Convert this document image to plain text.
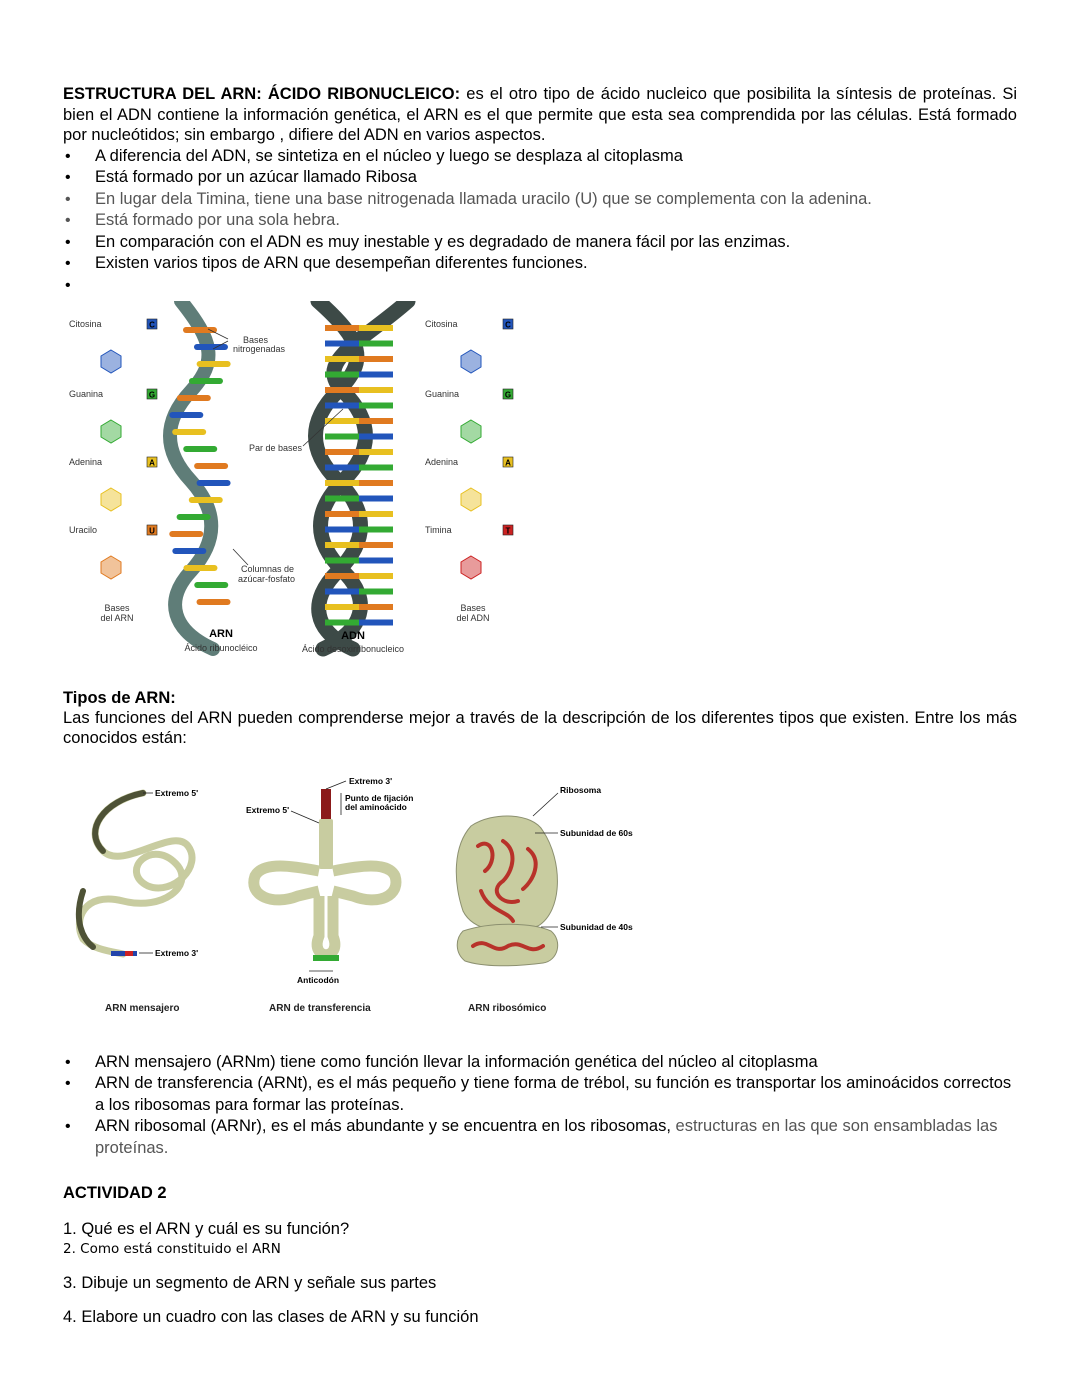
ESTRUCTURA DEL ARN: ÁCIDO RIBONUCLEICO: es el otro tipo de ácido nucleico que posibilita la síntesis de proteínas. Si bien el ADN contiene la información genética, el ARN es el que permite que esta sea comprendida por las células. Está formado por nucleótidos; sin embargo , difiere del ADN en varios aspectos.

• A diferencia del ADN, se sintetiza en el núcleo y luego se desplaza al citoplasma
• Está formado por un azúcar llamado Ribosa
• En lugar dela Timina, tiene una base nitrogenada llamada uracilo (U) que se complementa con la adenina.
• Está formado por una sola hebra.
• En comparación con el ADN es muy inestable y es degradado de manera fácil por las enzimas.
• Existen varios tipos de ARN que desempeñan diferentes funciones.
•
Citosina	C
Guanina	G
Adenina	A
Uracilo	U
Citosina	C
Guanina	G
Adenina	A
Timina	T
Bases
nitrogenadas
Par de bases
Columnas de
azúcar-fosfato
Bases
del ARN
Bases
del ADN
ARN
Ácido ribunocléico
ADN
Ácido desoxirribonucleico

Tipos de ARN:

Las funciones del ARN pueden comprenderse mejor a través de la descripción de los diferentes tipos que existen. Entre los más conocidos están:

Extremo 5'
Extremo 3'
ARN mensajero
Extremo 3'
Extremo 5'
Punto de fijación
del aminoácido
Anticodón
ARN de transferencia
Ribosoma
Subunidad de 60s
Subunidad de 40s
ARN ribosómico
• ARN mensajero (ARNm) tiene como función llevar la información genética del núcleo al citoplasma
• ARN de transferencia (ARNt), es el más pequeño y tiene forma de trébol, su función es transportar los aminoácidos correctos a los ribosomas para formar las proteínas.
• ARN ribosomal (ARNr), es el más abundante y se encuentra en los ribosomas, estructuras en las que son ensambladas las proteínas.

ACTIVIDAD 2

1. Qué es el ARN y cuál es su función?
2. Como está constituido el ARN
3. Dibuje un segmento de ARN y señale sus partes
4. Elabore un cuadro con las clases de ARN y su función
